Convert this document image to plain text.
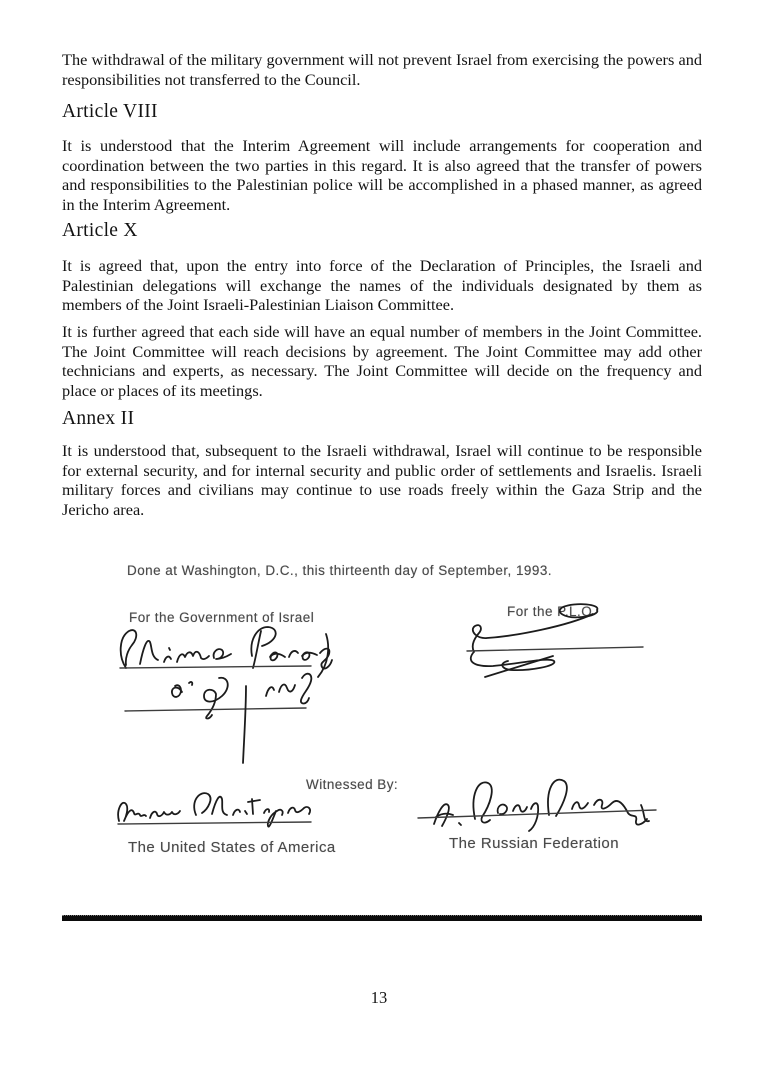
The withdrawal of the military government will not prevent Israel from exercising the powers and responsibilities not transferred to the Council.

Article VIII

It is understood that the Interim Agreement will include arrangements for cooperation and coordination between the two parties in this regard. It is also agreed that the transfer of powers and responsibilities to the Palestinian police will be accomplished in a phased manner, as agreed in the Interim Agreement.

Article X

It is agreed that, upon the entry into force of the Declaration of Principles, the Israeli and Palestinian delegations will exchange the names of the individuals designated by them as members of the Joint Israeli-Palestinian Liaison Committee.

It is further agreed that each side will have an equal number of members in the Joint Committee. The Joint Committee will reach decisions by agreement. The Joint Committee may add other technicians and experts, as necessary. The Joint Committee will decide on the frequency and place or places of its meetings.

Annex II

It is understood that, subsequent to the Israeli withdrawal, Israel will continue to be responsible for external security, and for internal security and public order of settlements and Israelis. Israeli military forces and civilians may continue to use roads freely within the Gaza Strip and the Jericho area.

Done at Washington, D.C., this thirteenth day of September, 1993.

For the Government of Israel	For the P.L.O

Witnessed By:

The United States of America	The Russian Federation

13
